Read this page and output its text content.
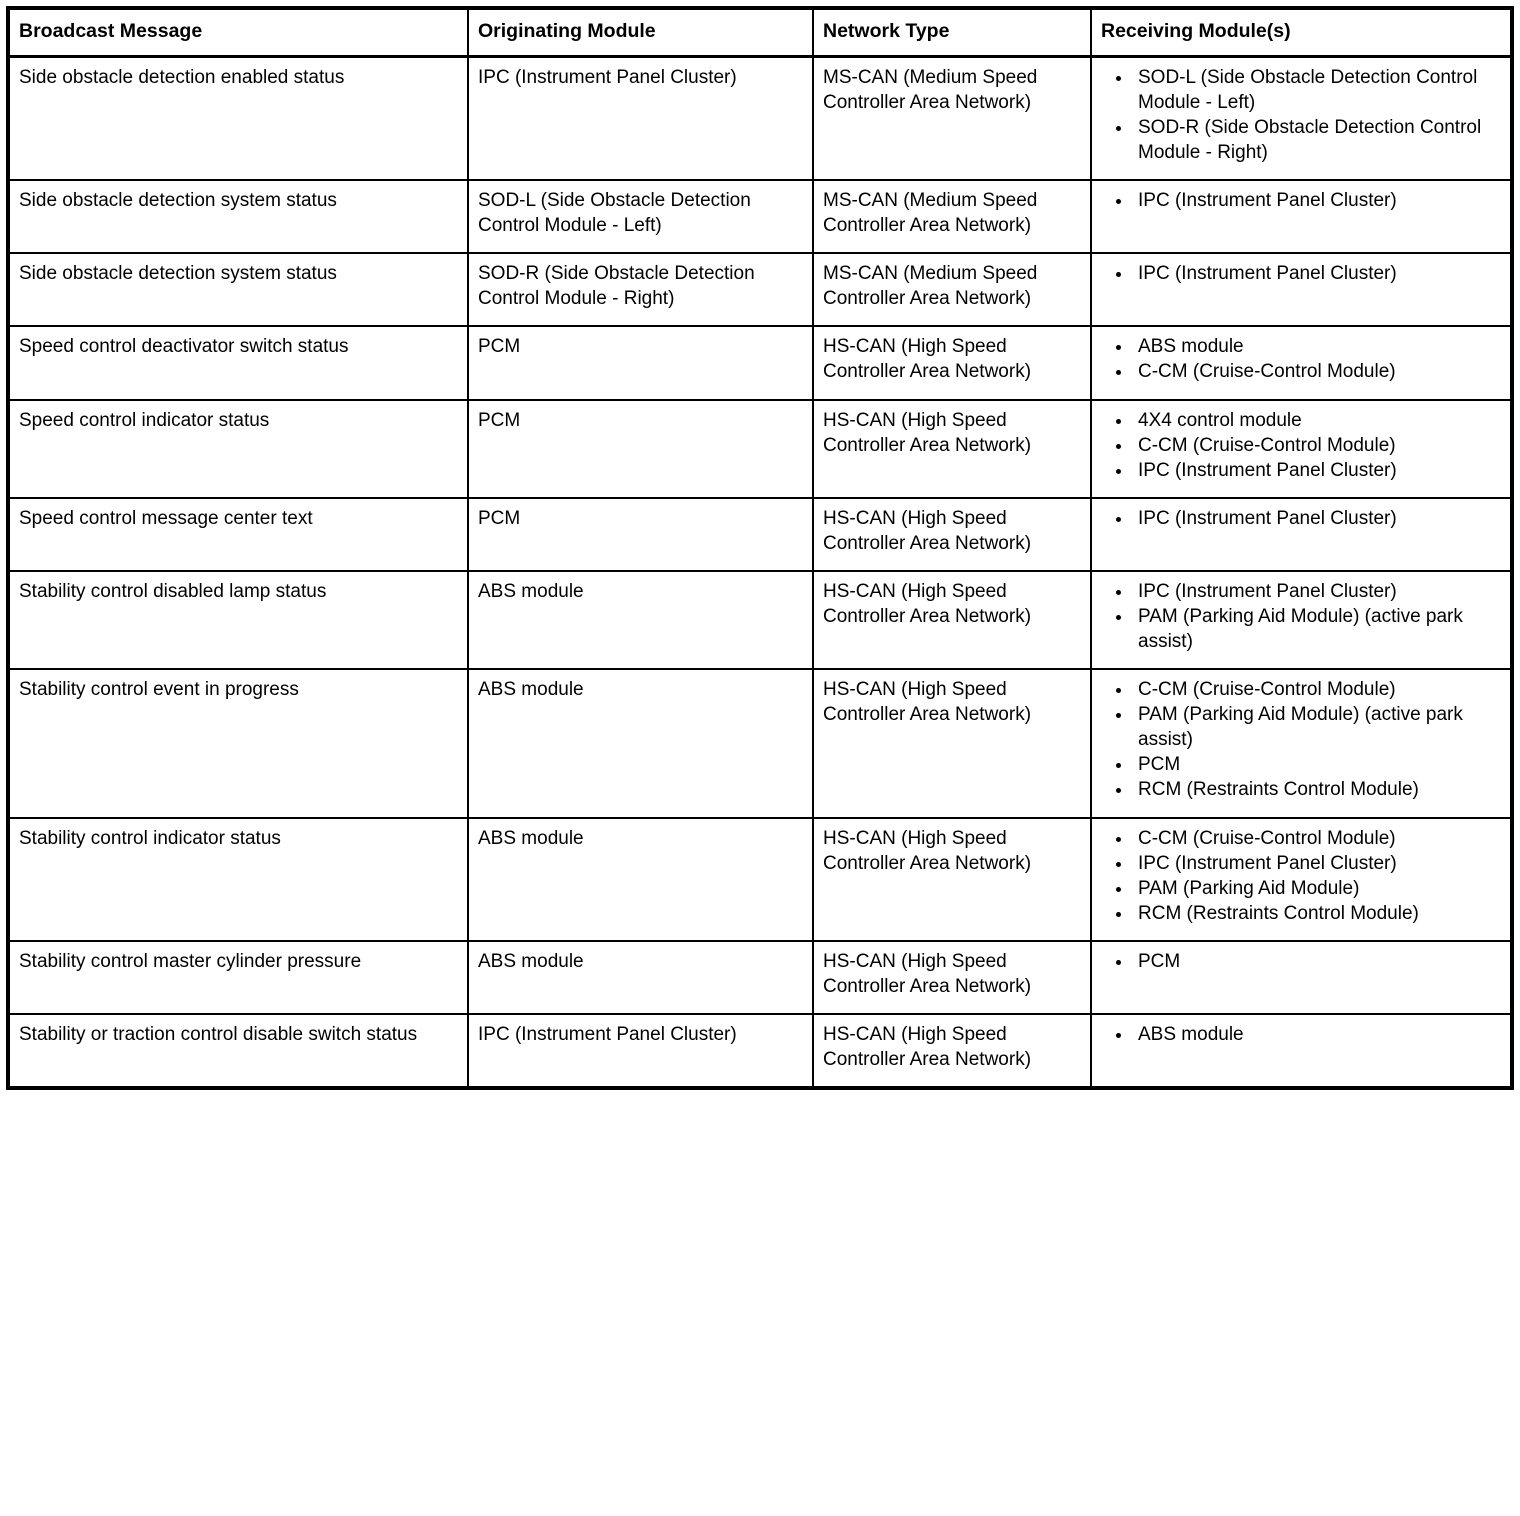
Broadcast Message	Originating Module	Network Type	Receiving Module(s)
Side obstacle detection enabled status	IPC (Instrument Panel Cluster)	MS-CAN (Medium Speed Controller Area Network)	
• SOD-L (Side Obstacle Detection Control Module - Left)
• SOD-R (Side Obstacle Detection Control Module - Right)

Side obstacle detection system status	SOD-L (Side Obstacle Detection Control Module - Left)	MS-CAN (Medium Speed Controller Area Network)	
• IPC (Instrument Panel Cluster)

Side obstacle detection system status	SOD-R (Side Obstacle Detection Control Module - Right)	MS-CAN (Medium Speed Controller Area Network)	
• IPC (Instrument Panel Cluster)

Speed control deactivator switch status	PCM	HS-CAN (High Speed Controller Area Network)	
• ABS module
• C-CM (Cruise-Control Module)

Speed control indicator status	PCM	HS-CAN (High Speed Controller Area Network)	
• 4X4 control module
• C-CM (Cruise-Control Module)
• IPC (Instrument Panel Cluster)

Speed control message center text	PCM	HS-CAN (High Speed Controller Area Network)	
• IPC (Instrument Panel Cluster)

Stability control disabled lamp status	ABS module	HS-CAN (High Speed Controller Area Network)	
• IPC (Instrument Panel Cluster)
• PAM (Parking Aid Module) (active park assist)

Stability control event in progress	ABS module	HS-CAN (High Speed Controller Area Network)	
• C-CM (Cruise-Control Module)
• PAM (Parking Aid Module) (active park assist)
• PCM
• RCM (Restraints Control Module)

Stability control indicator status	ABS module	HS-CAN (High Speed Controller Area Network)	
• C-CM (Cruise-Control Module)
• IPC (Instrument Panel Cluster)
• PAM (Parking Aid Module)
• RCM (Restraints Control Module)

Stability control master cylinder pressure	ABS module	HS-CAN (High Speed Controller Area Network)	
• PCM

Stability or traction control disable switch status	IPC (Instrument Panel Cluster)	HS-CAN (High Speed Controller Area Network)	
• ABS module
